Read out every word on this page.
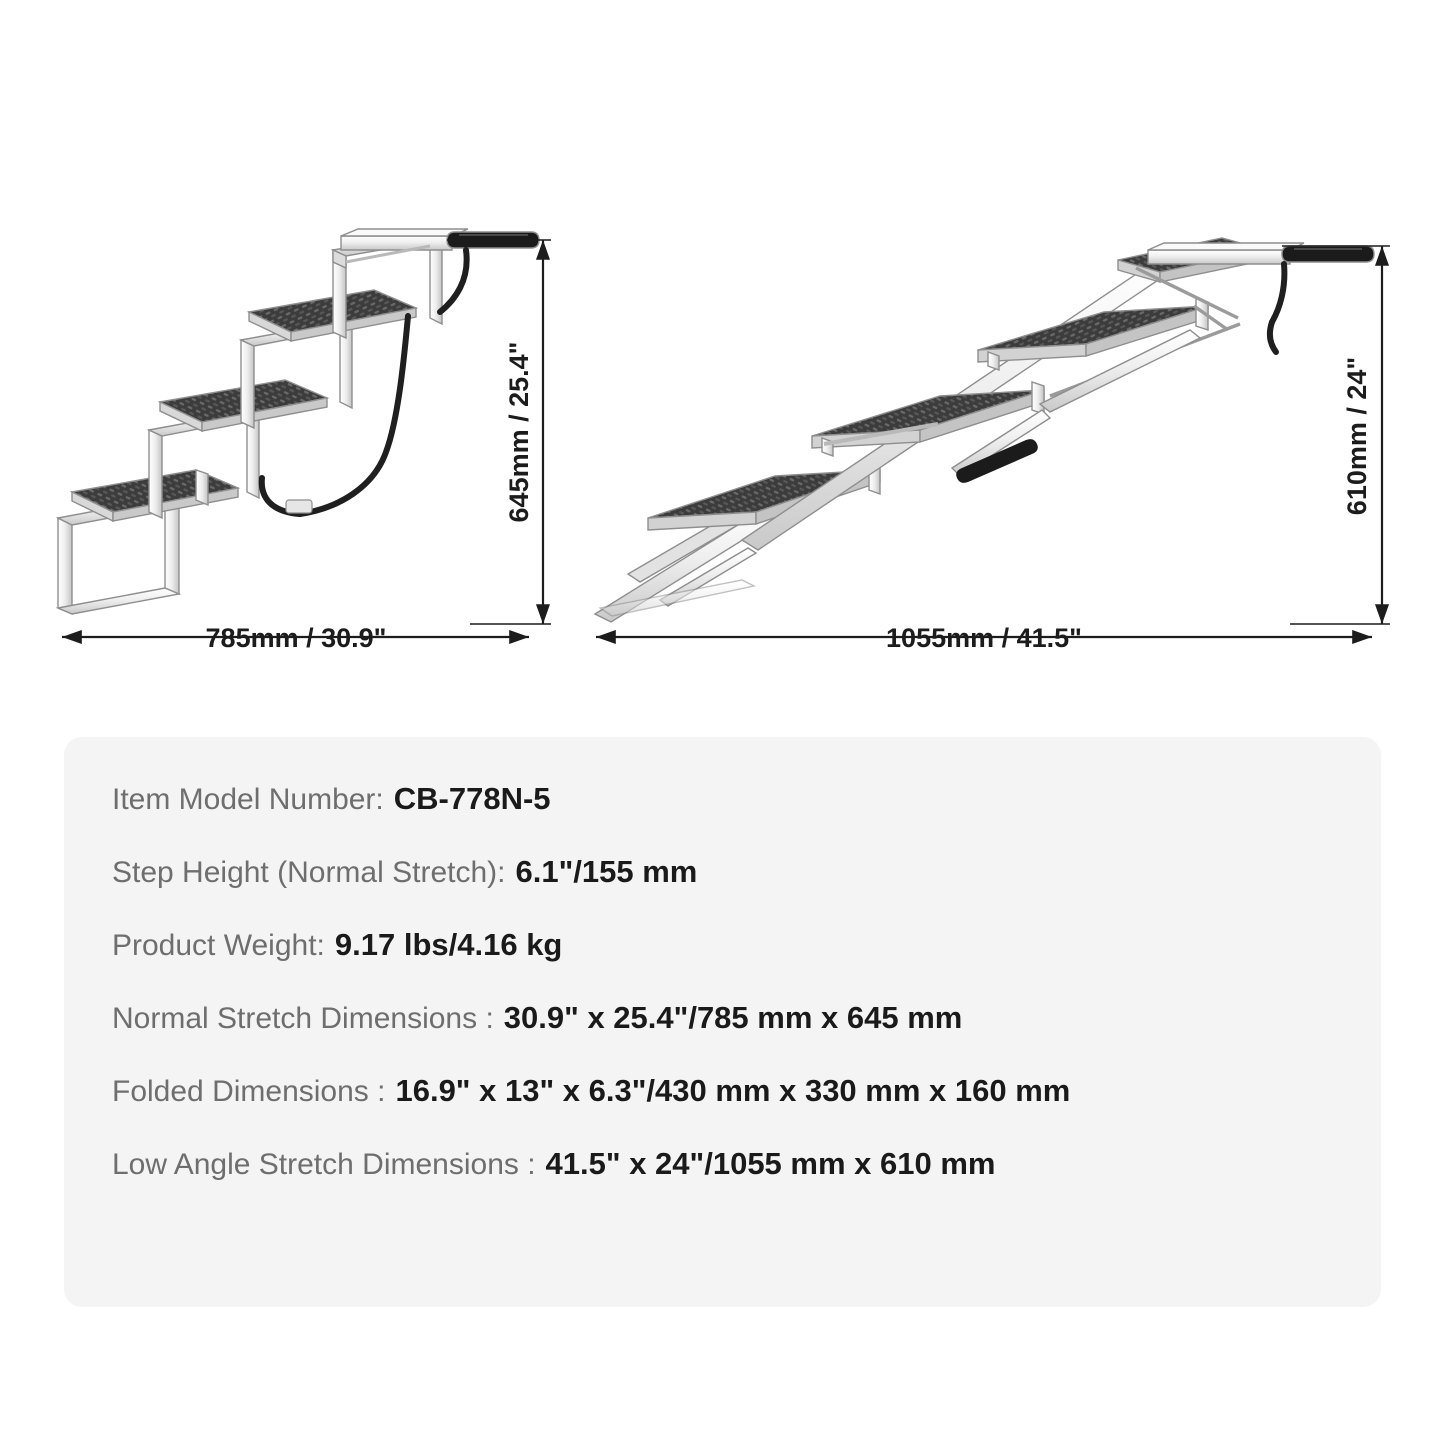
645mm / 25.4"
785mm / 30.9"
610mm / 24"
1055mm / 41.5"
Item Model Number: CB-778N-5
Step Height (Normal Stretch): 6.1"/155 mm
Product Weight: 9.17 lbs/4.16 kg
Normal Stretch Dimensions : 30.9" x 25.4"/785 mm x 645 mm
Folded Dimensions : 16.9" x 13" x 6.3"/430 mm x 330 mm x 160 mm
Low Angle Stretch Dimensions : 41.5" x 24"/1055 mm x 610 mm
